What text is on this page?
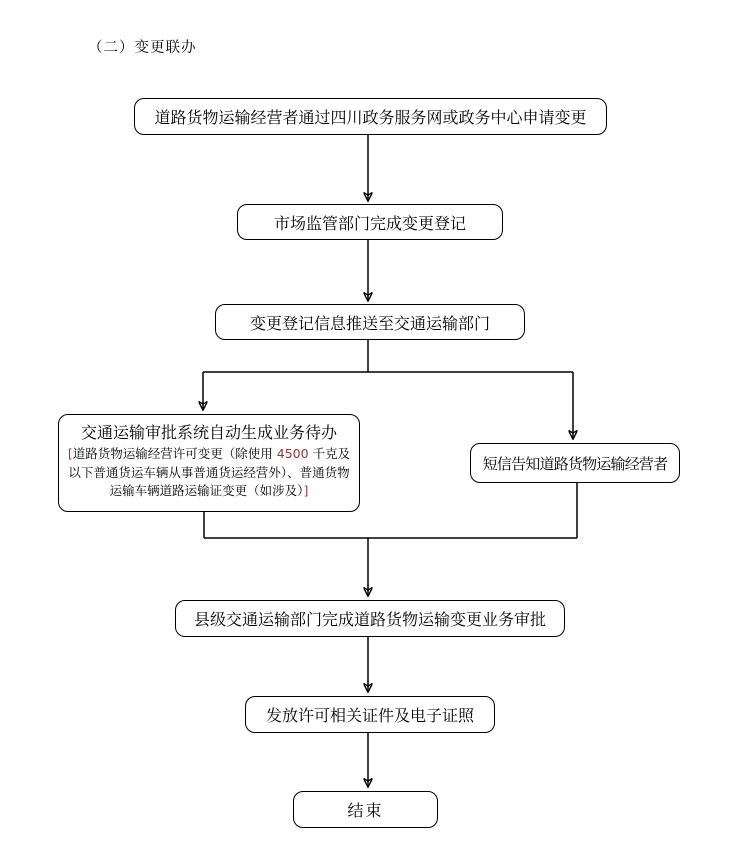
（二）变更联办
道路货物运输经营者通过四川政务服务网或政务中心申请变更
市场监管部门完成变更登记
变更登记信息推送至交通运输部门
交通运输审批系统自动生成业务待办
[道路货物运输经营许可变更（除使用 4500 千克及以下普通货运车辆从事普通货运经营外）、普通货物运输车辆道路运输证变更（如涉及）]
短信告知道路货物运输经营者
县级交通运输部门完成道路货物运输变更业务审批
发放许可相关证件及电子证照
结束
